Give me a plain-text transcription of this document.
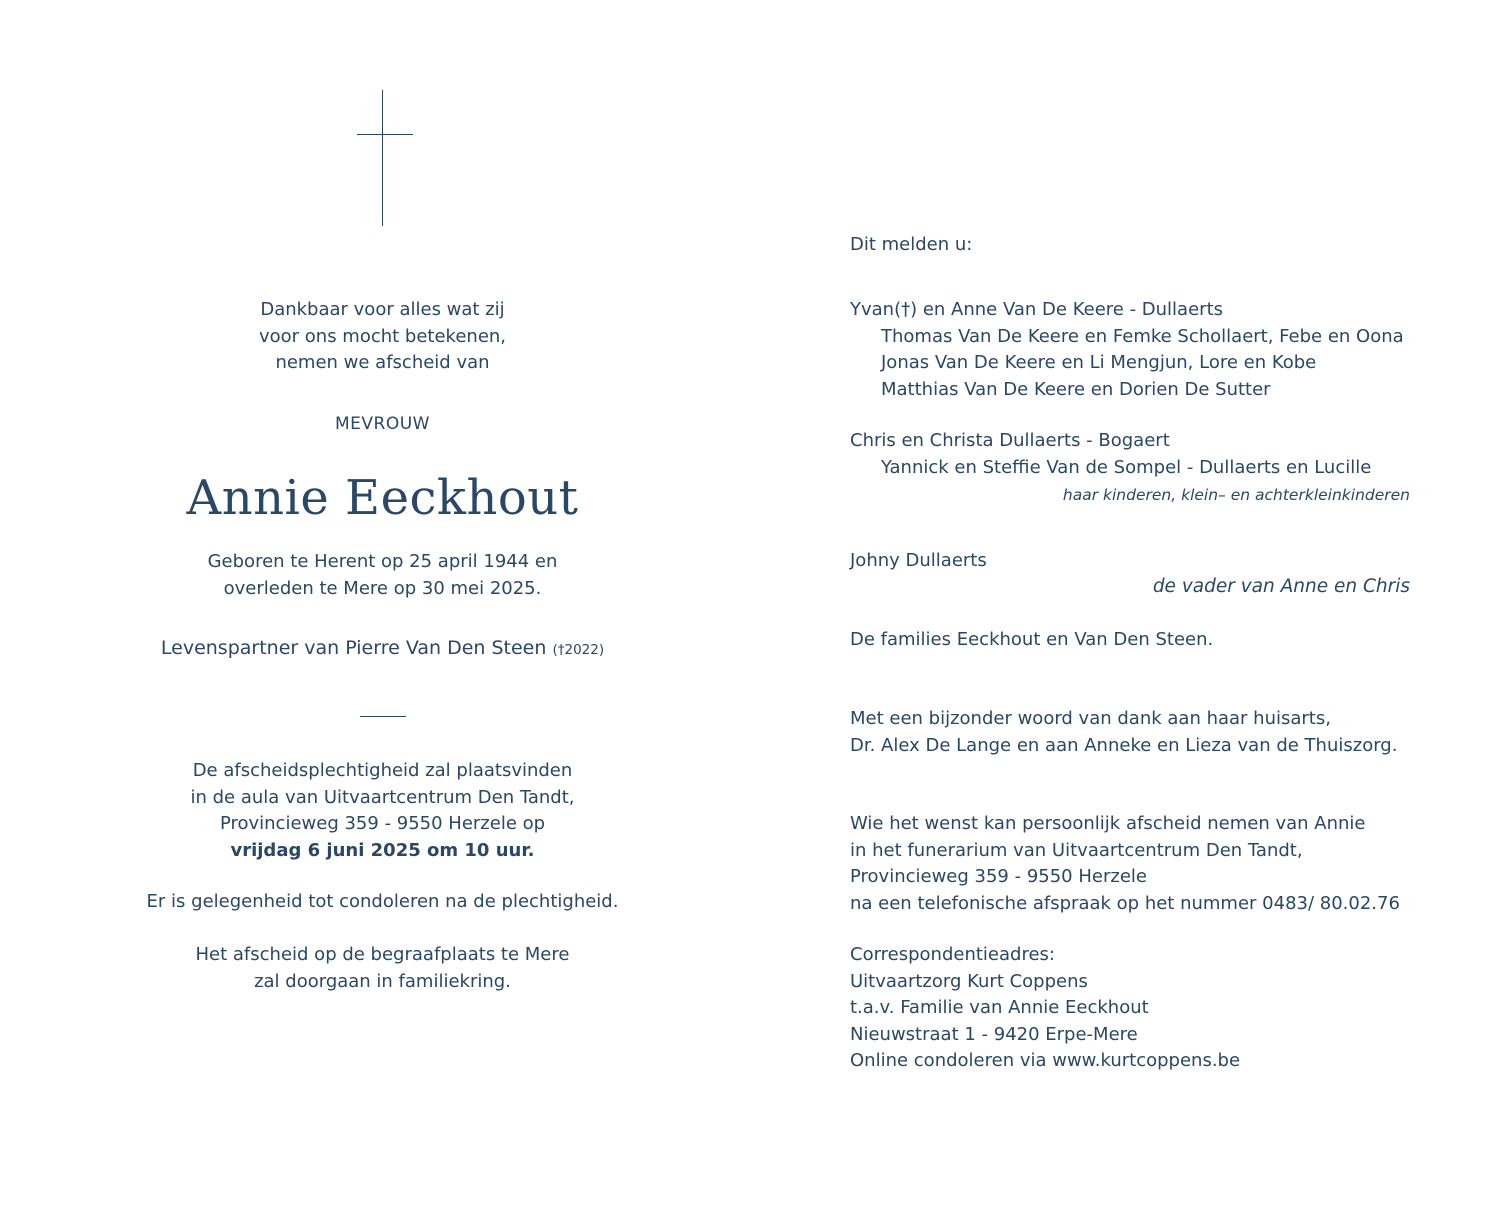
Dankbaar voor alles wat zij
voor ons mocht betekenen,
nemen we afscheid van
MEVROUW
Annie Eeckhout
Geboren te Herent op 25 april 1944 en
overleden te Mere op 30 mei 2025.
Levenspartner van Pierre Van Den Steen (†2022)
De afscheidsplechtigheid zal plaatsvinden
in de aula van Uitvaartcentrum Den Tandt,
Provincieweg 359 - 9550 Herzele op
vrijdag 6 juni 2025 om 10 uur.
Er is gelegenheid tot condoleren na de plechtigheid.
Het afscheid op de begraafplaats te Mere
zal doorgaan in familiekring.
Dit melden u:
Yvan(†) en Anne Van De Keere - Dullaerts
Thomas Van De Keere en Femke Schollaert, Febe en Oona
Jonas Van De Keere en Li Mengjun, Lore en Kobe
Matthias Van De Keere en Dorien De Sutter
Chris en Christa Dullaerts - Bogaert
Yannick en Steffie Van de Sompel - Dullaerts en Lucille
haar kinderen, klein– en achterkleinkinderen
Johny Dullaerts
de vader van Anne en Chris
De families Eeckhout en Van Den Steen.
Met een bijzonder woord van dank aan haar huisarts,
Dr. Alex De Lange en aan Anneke en Lieza van de Thuiszorg.
Wie het wenst kan persoonlijk afscheid nemen van Annie
in het funerarium van Uitvaartcentrum Den Tandt,
Provincieweg 359 - 9550 Herzele
na een telefonische afspraak op het nummer 0483/ 80.02.76
Correspondentieadres:
Uitvaartzorg Kurt Coppens
t.a.v. Familie van Annie Eeckhout
Nieuwstraat 1 - 9420 Erpe-Mere
Online condoleren via www.kurtcoppens.be
